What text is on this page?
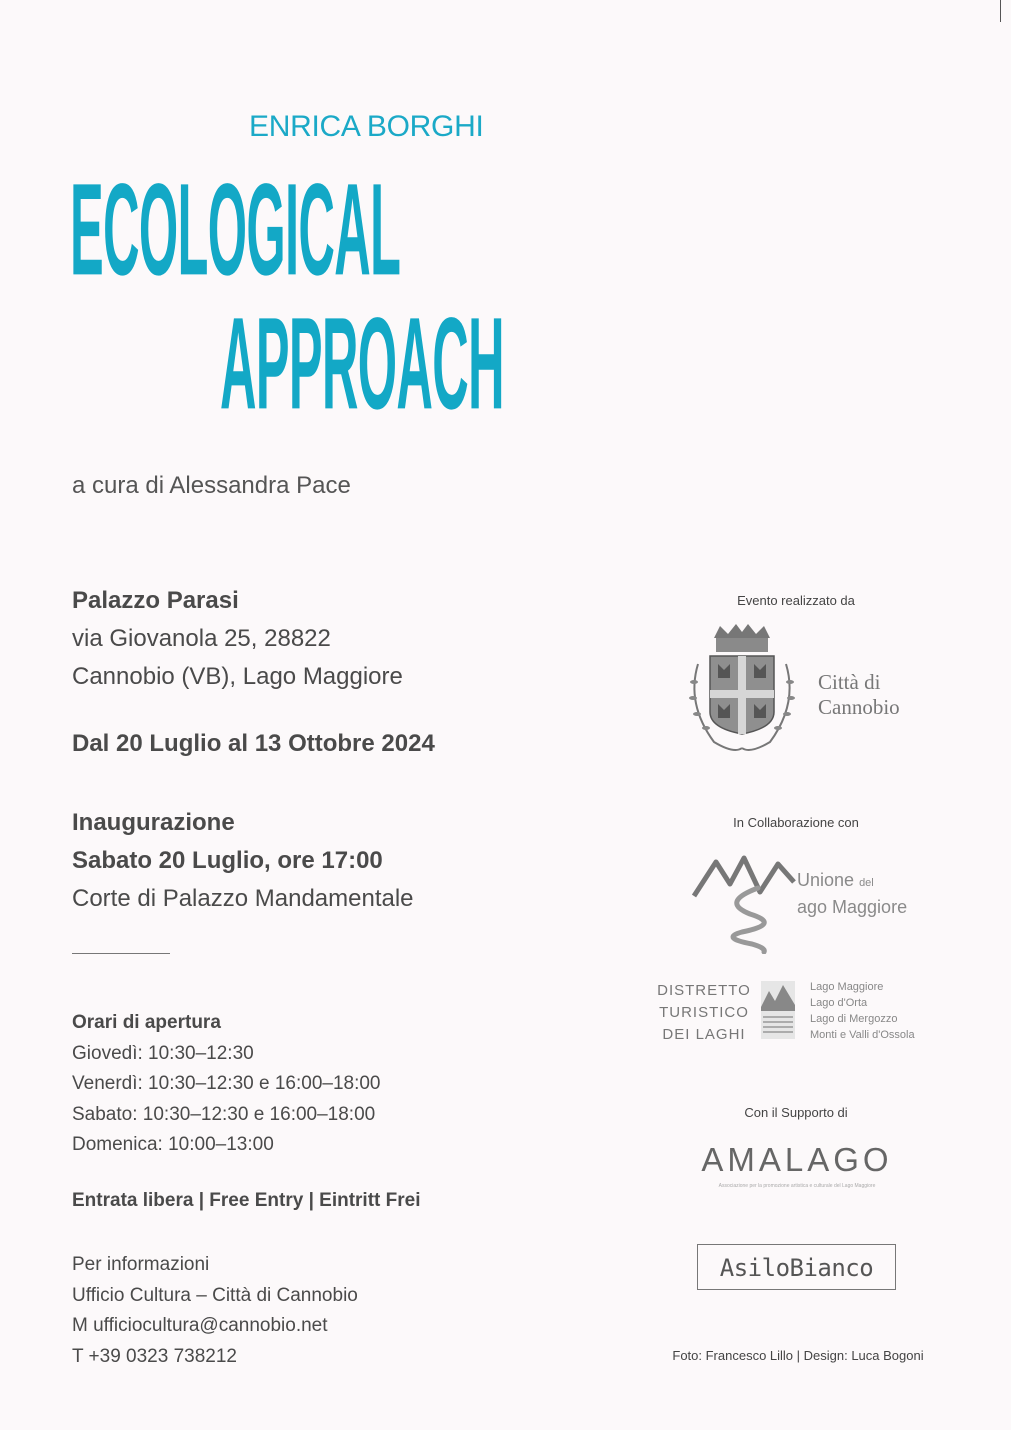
ENRICA BORGHI
ECOLOGICAL
APPROACH
a cura di Alessandra Pace
Palazzo Parasi
via Giovanola 25, 28822
Cannobio (VB), Lago Maggiore
Dal 20 Luglio al 13 Ottobre 2024
Inaugurazione
Sabato 20 Luglio, ore 17:00
Corte di Palazzo Mandamentale
Orari di apertura
Giovedì: 10:30–12:30
Venerdì: 10:30–12:30 e 16:00–18:00
Sabato: 10:30–12:30 e 16:00–18:00
Domenica: 10:00–13:00
Entrata libera | Free Entry | Eintritt Frei
Per informazioni
Ufficio Cultura – Città di Cannobio
M ufficiocultura@cannobio.net
T +39 0323 738212
Evento realizzato da
Città di
Cannobio
In Collaborazione con
Unione del
ago Maggiore
DISTRETTO
TURISTICO
DEI LAGHI
Lago Maggiore
Lago d'Orta
Lago di Mergozzo
Monti e Valli d'Ossola
Con il Supporto di
AMALAGO
Associazione per la promozione artistica e culturale del Lago Maggiore
AsiloBianco
Foto: Francesco Lillo | Design: Luca Bogoni
